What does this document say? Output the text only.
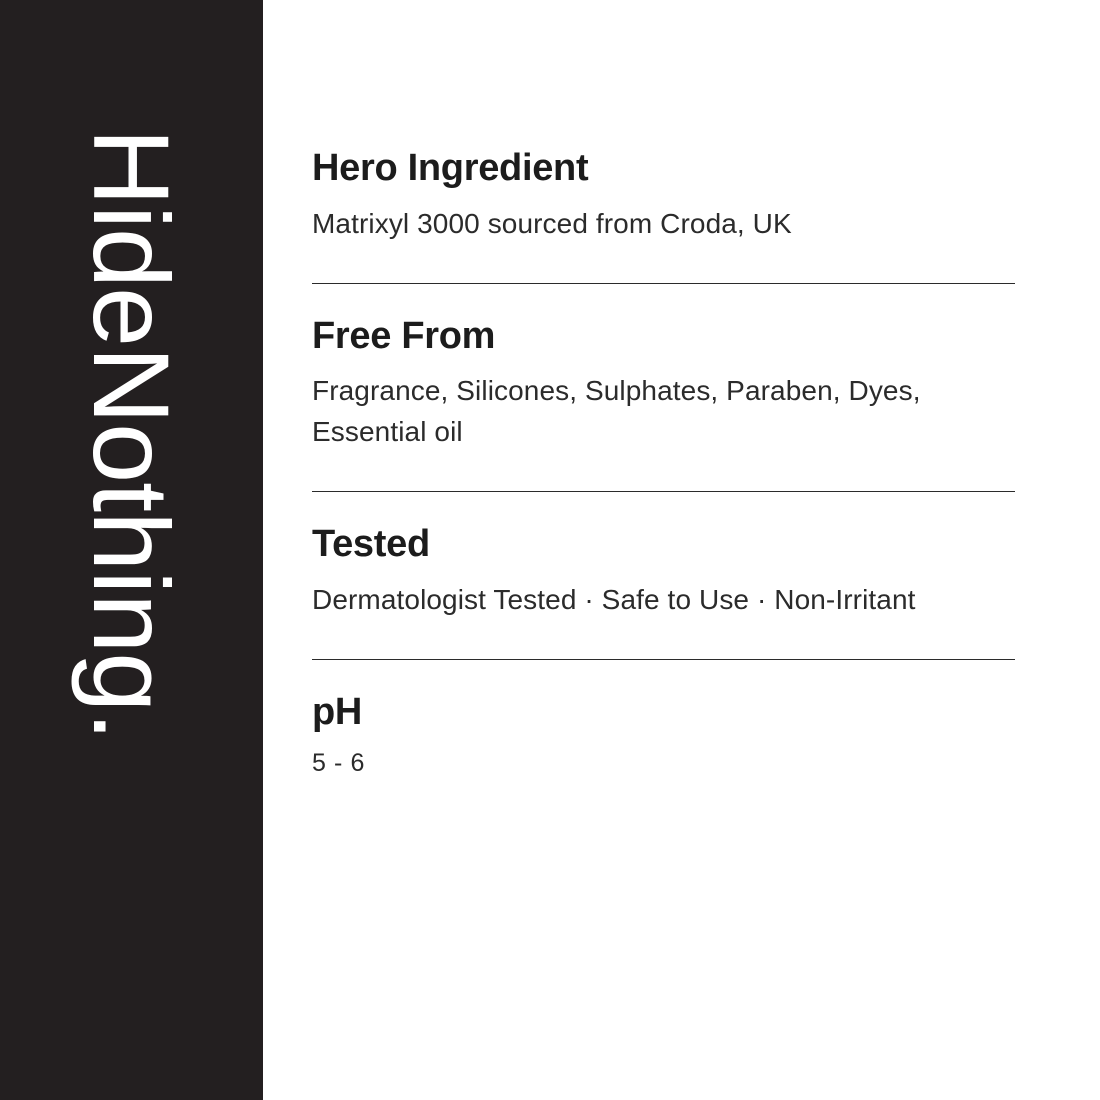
HideNothing.	Hero Ingredient

Matrixyl 3000 sourced from Croda, UK

Free From

Fragrance, Silicones, Sulphates, Paraben, Dyes, Essential oil

Tested

Dermatologist Tested · Safe to Use · Non-Irritant

pH

5 - 6
